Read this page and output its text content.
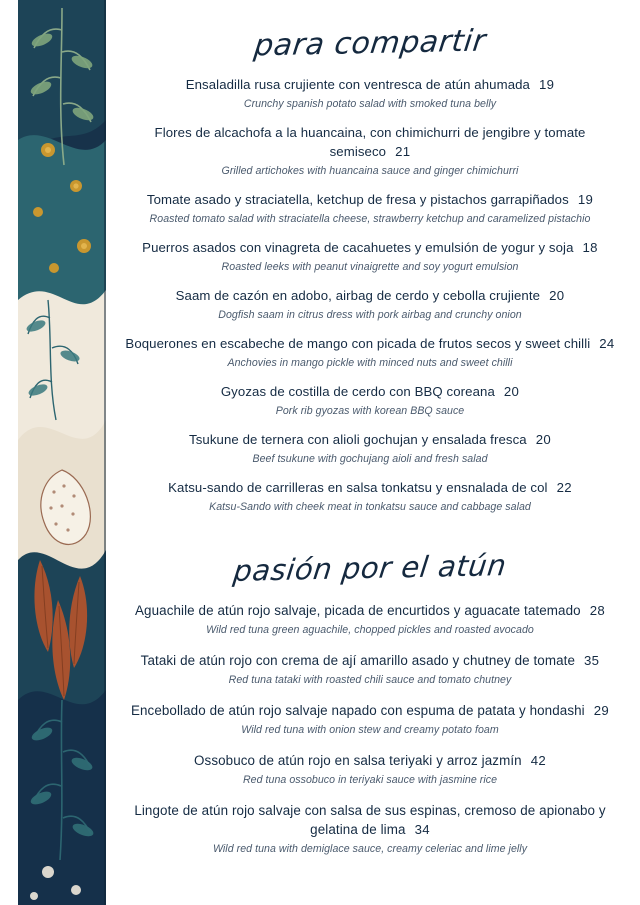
para compartir
Ensaladilla rusa crujiente con ventresca de atún ahumada 19
Crunchy spanish potato salad with smoked tuna belly
Flores de alcachofa a la huancaina, con chimichurri de jengibre y tomate semiseco 21
Grilled artichokes with huancaina sauce and ginger chimichurri
Tomate asado y straciatella, ketchup de fresa y pistachos garrapiñados 19
Roasted tomato salad with straciatella cheese, strawberry ketchup and caramelized pistachio
Puerros asados con vinagreta de cacahuetes y emulsión de yogur y soja 18
Roasted leeks with peanut vinaigrette and soy yogurt emulsion
Saam de cazón en adobo, airbag de cerdo y cebolla crujiente 20
Dogfish saam in citrus dress with pork airbag and crunchy onion
Boquerones en escabeche de mango con picada de frutos secos y sweet chilli 24
Anchovies in mango pickle with minced nuts and sweet chilli
Gyozas de costilla de cerdo con BBQ coreana 20
Pork rib gyozas with korean BBQ sauce
Tsukune de ternera con alioli gochujan y ensalada fresca 20
Beef tsukune with gochujang aioli and fresh salad
Katsu-sando de carrilleras en salsa tonkatsu y ensnalada de col 22
Katsu-Sando with cheek meat in tonkatsu sauce and cabbage salad
pasión por el atún
Aguachile de atún rojo salvaje, picada de encurtidos y aguacate tatemado 28
Wild red tuna green aguachile, chopped pickles and roasted avocado
Tataki de atún rojo con crema de ají amarillo asado y chutney de tomate 35
Red tuna tataki with roasted chili sauce and tomato chutney
Encebollado de atún rojo salvaje napado con espuma de patata y hondashi 29
Wild red tuna with onion stew and creamy potato foam
Ossobuco de atún rojo en salsa teriyaki y arroz jazmín 42
Red tuna ossobuco in teriyaki sauce with jasmine rice
Lingote de atún rojo salvaje con salsa de sus espinas, cremoso de apionabo y gelatina de lima 34
Wild red tuna with demiglace sauce, creamy celeriac and lime jelly
